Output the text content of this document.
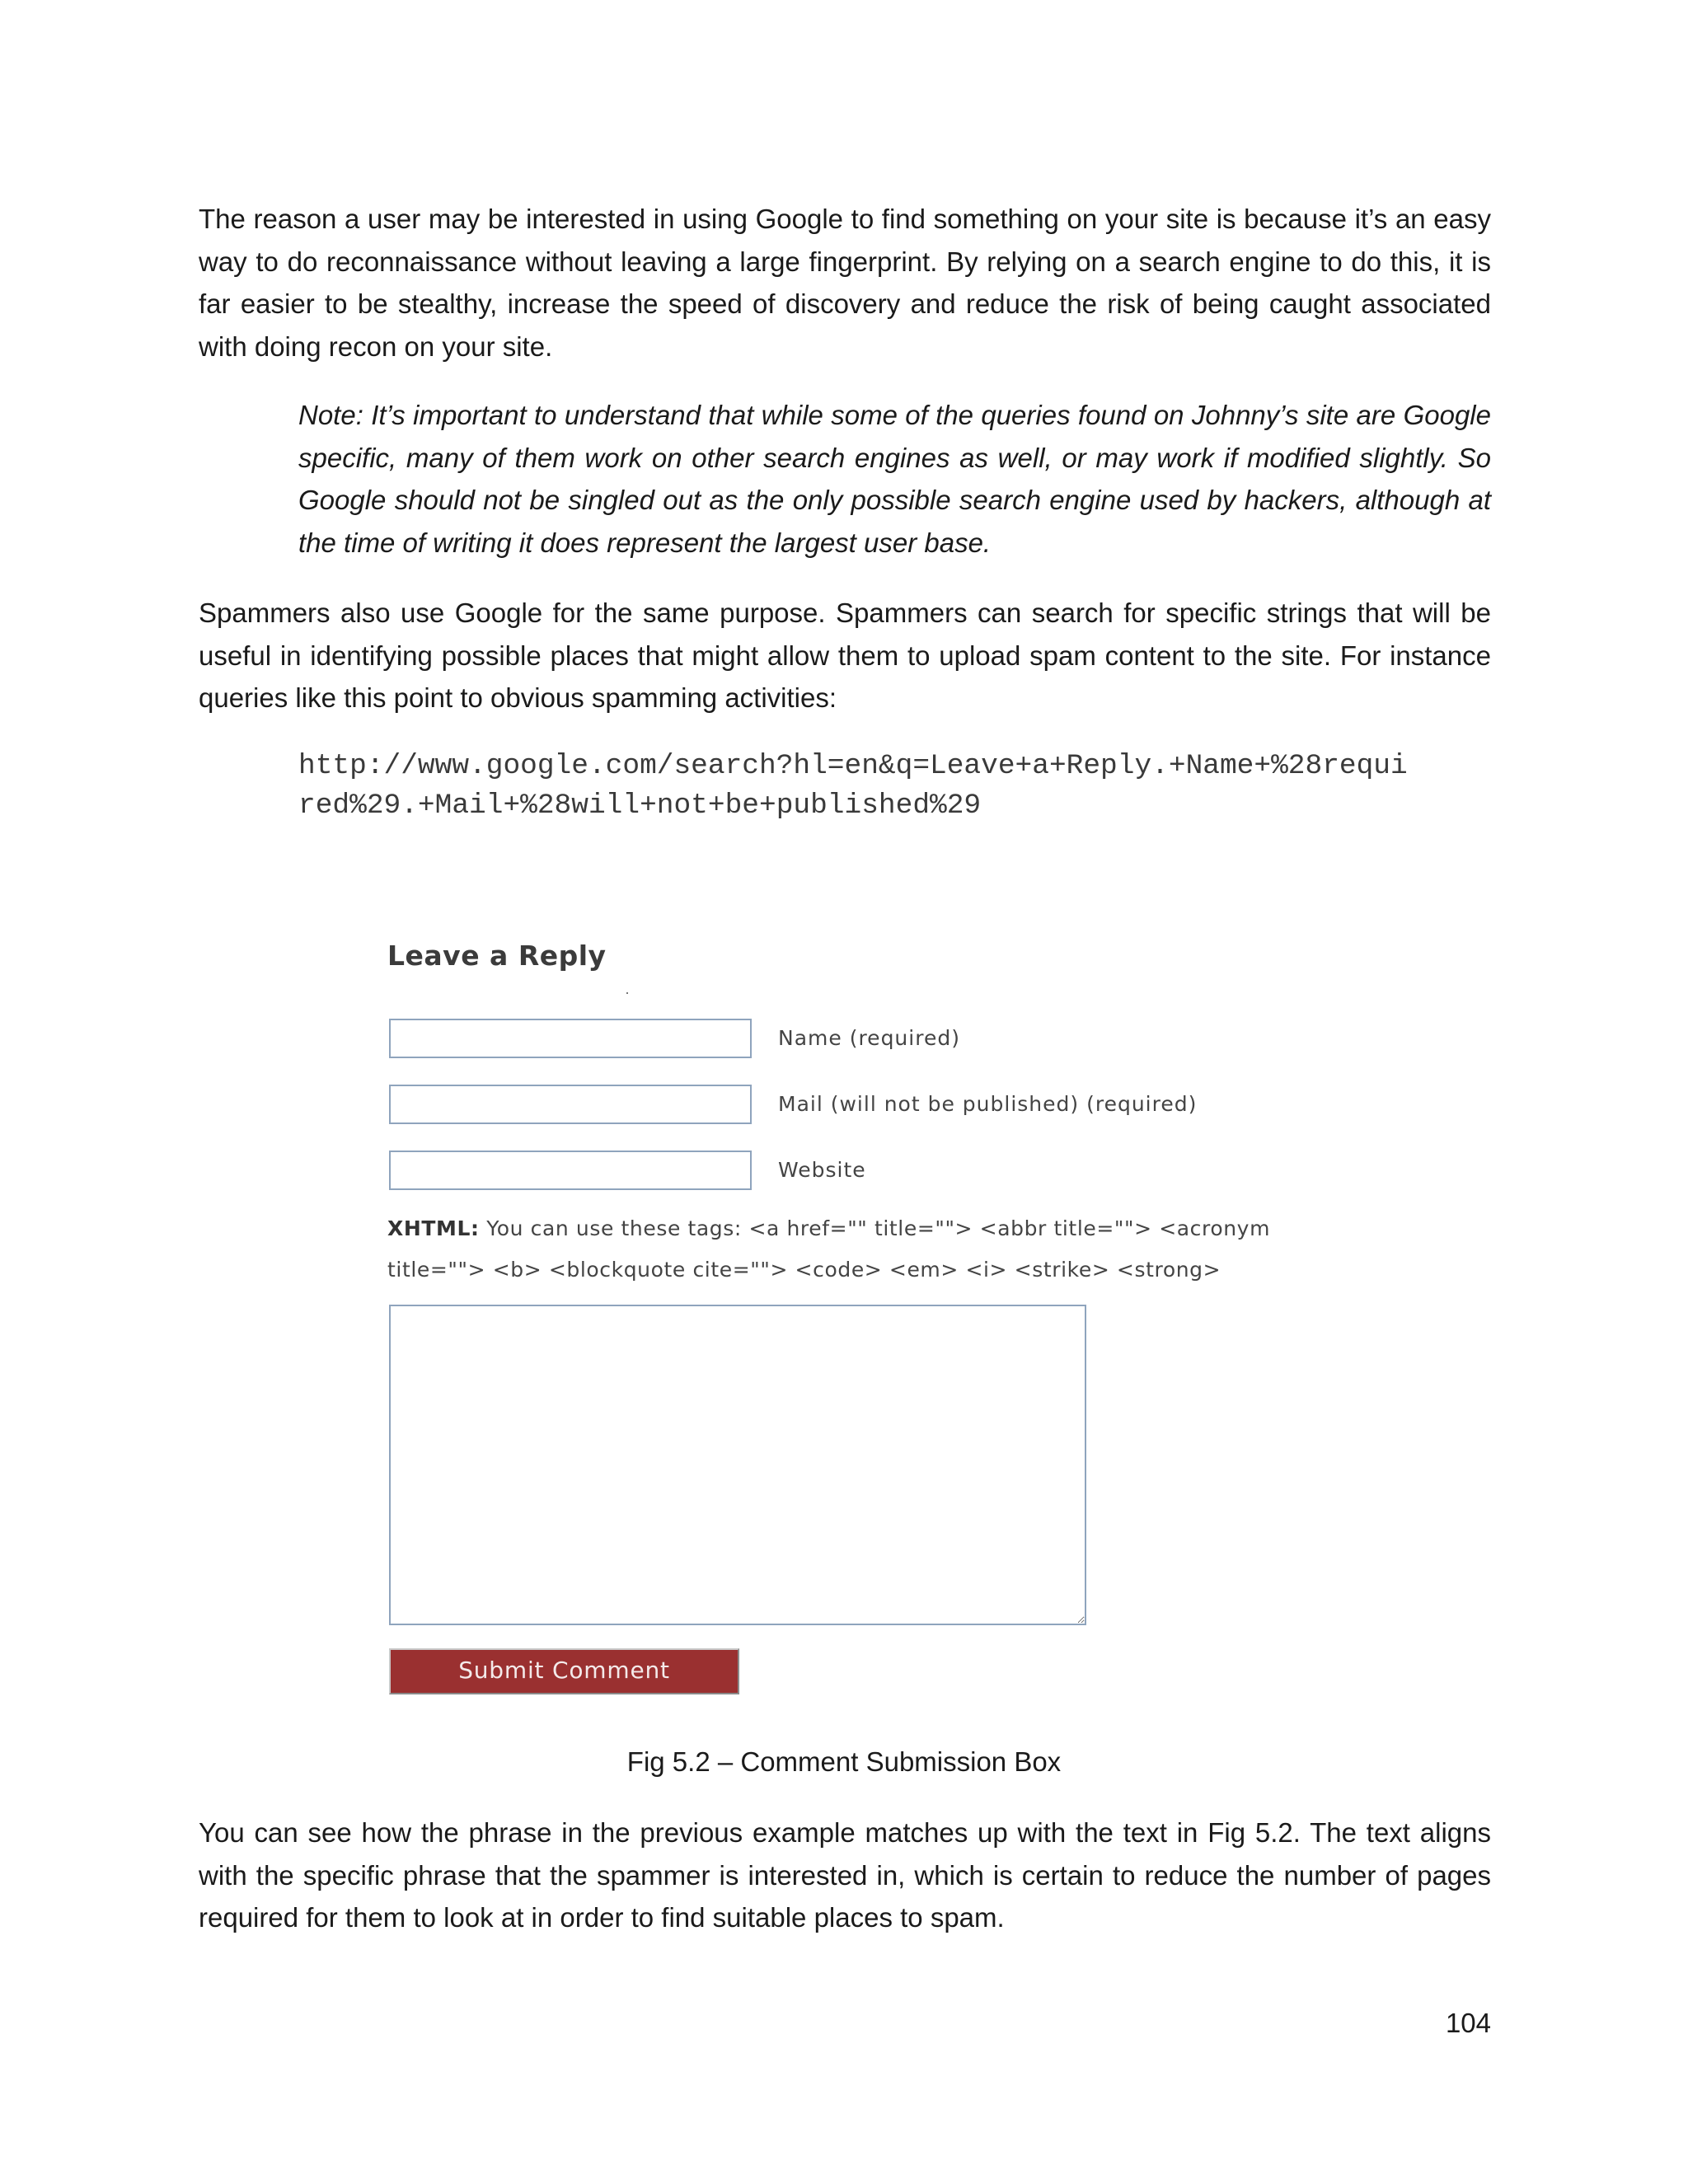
The reason a user may be interested in using Google to find something on your site is because it’s an easy way to do reconnaissance without leaving a large fingerprint. By relying on a search engine to do this, it is far easier to be stealthy, increase the speed of discovery and reduce the risk of being caught associated with doing recon on your site.

Note: It’s important to understand that while some of the queries found on Johnny’s site are Google specific, many of them work on other search engines as well, or may work if modified slightly. So Google should not be singled out as the only possible search engine used by hackers, although at the time of writing it does represent the largest user base.

Spammers also use Google for the same purpose. Spammers can search for specific strings that will be useful in identifying possible places that might allow them to upload spam content to the site. For instance queries like this point to obvious spamming activities:

http://www.google.com/search?hl=en&q=Leave+a+Reply.+Name+%28requi
red%29.+Mail+%28will+not+be+published%29
Leave a Reply
Name (required)
Mail (will not be published) (required)
Website
XHTML: You can use these tags: <a href="" title=""> <abbr title=""> <acronym
title=""> <b> <blockquote cite=""> <code> <em> <i> <strike> <strong>
Submit Comment
Fig 5.2 – Comment Submission Box

You can see how the phrase in the previous example matches up with the text in Fig 5.2. The text aligns with the specific phrase that the spammer is interested in, which is certain to reduce the number of pages required for them to look at in order to find suitable places to spam.

104
